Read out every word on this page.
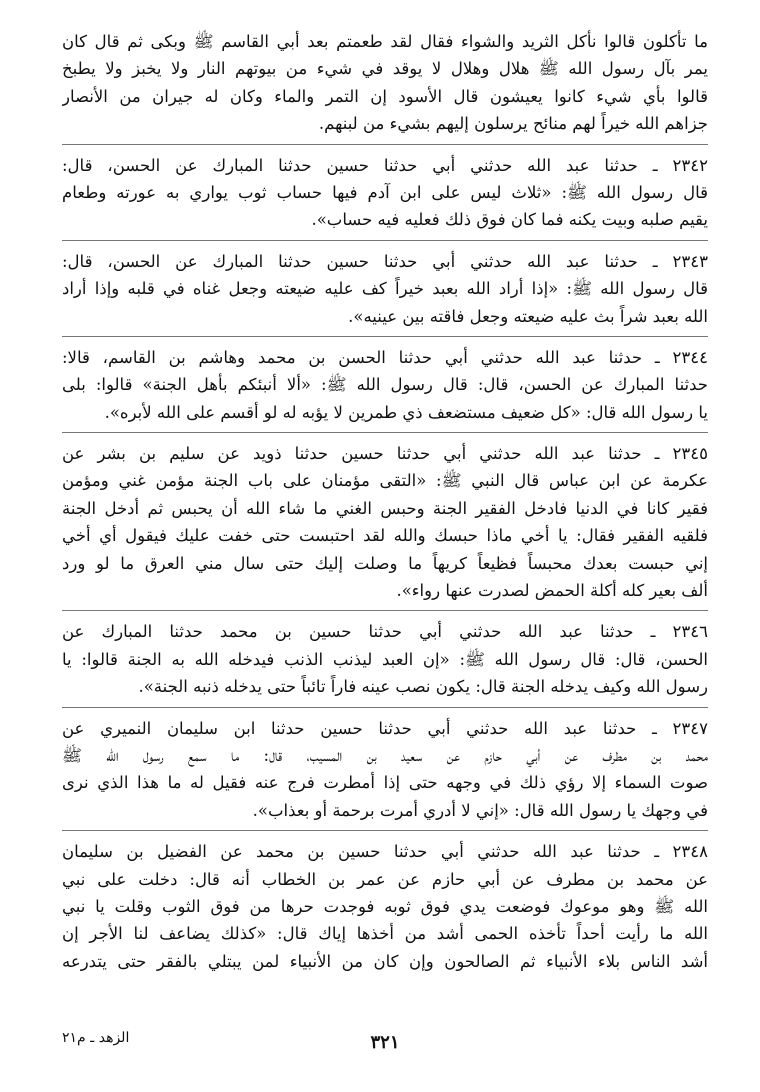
ما تأكلون قالوا نأكل الثريد والشواء فقال لقد طعمتم بعد أبي القاسم ﷺ وبكى ثم قال كان
يمر بآل رسول الله ﷺ هلال وهلال لا يوقد في شيء من بيوتهم النار ولا يخبز ولا يطبخ
قالوا بأي شيء كانوا يعيشون قال الأسود إن التمر والماء وكان له جيران من الأنصار
جزاهم الله خيراً لهم منائح يرسلون إليهم بشيء من لبنهم.
٢٣٤٢ ـ حدثنا عبد الله حدثني أبي حدثنا حسين حدثنا المبارك عن الحسن، قال:
قال رسول الله ﷺ: «ثلاث ليس على ابن آدم فيها حساب ثوب يواري به عورته وطعام
يقيم صلبه وبيت يكنه فما كان فوق ذلك فعليه فيه حساب».
٢٣٤٣ ـ حدثنا عبد الله حدثني أبي حدثنا حسين حدثنا المبارك عن الحسن، قال:
قال رسول الله ﷺ: «إذا أراد الله بعبد خيراً كف عليه ضيعته وجعل غناه في قلبه وإذا أراد
الله بعبد شراً بث عليه ضيعته وجعل فاقته بين عينيه».
٢٣٤٤ ـ حدثنا عبد الله حدثني أبي حدثنا الحسن بن محمد وهاشم بن القاسم، قالا:
حدثنا المبارك عن الحسن، قال: قال رسول الله ﷺ: «ألا أنبئكم بأهل الجنة» قالوا: بلى
يا رسول الله قال: «كل ضعيف مستضعف ذي طمرين لا يؤبه له لو أقسم على الله لأبره».
٢٣٤٥ ـ حدثنا عبد الله حدثني أبي حدثنا حسين حدثنا ذويد عن سليم بن بشر عن
عكرمة عن ابن عباس قال النبي ﷺ: «التقى مؤمنان على باب الجنة مؤمن غني ومؤمن
فقير كانا في الدنيا فادخل الفقير الجنة وحبس الغني ما شاء الله أن يحبس ثم أدخل الجنة
فلقيه الفقير فقال: يا أخي ماذا حبسك والله لقد احتبست حتى خفت عليك فيقول أي أخي
إني حبست بعدك محبساً فظيعاً كريهاً ما وصلت إليك حتى سال مني العرق ما لو ورد
ألف بعير كله أكلة الحمض لصدرت عنها رواء».
٢٣٤٦ ـ حدثنا عبد الله حدثني أبي حدثنا حسين بن محمد حدثنا المبارك عن
الحسن، قال: قال رسول الله ﷺ: «إن العبد ليذنب الذنب فيدخله الله به الجنة قالوا: يا
رسول الله وكيف يدخله الجنة قال: يكون نصب عينه فاراً تائباً حتى يدخله ذنبه الجنة».
٢٣٤٧ ـ حدثنا عبد الله حدثني أبي حدثنا حسين حدثنا ابن سليمان النميري عن
محمد بن مطرف عن أبي حازم عن سعيد بن المسيب، قال: ما سمع رسول الله ﷺ
صوت السماء إلا رؤي ذلك في وجهه حتى إذا أمطرت فرج عنه فقيل له ما هذا الذي نرى
في وجهك يا رسول الله قال: «إني لا أدري أمرت برحمة أو بعذاب».
٢٣٤٨ ـ حدثنا عبد الله حدثني أبي حدثنا حسين بن محمد عن الفضيل بن سليمان
عن محمد بن مطرف عن أبي حازم عن عمر بن الخطاب أنه قال: دخلت على نبي
الله ﷺ وهو موعوك فوضعت يدي فوق ثوبه فوجدت حرها من فوق الثوب وقلت يا نبي
الله ما رأيت أحداً تأخذه الحمى أشد من أخذها إياك قال: «كذلك يضاعف لنا الأجر إن
أشد الناس بلاء الأنبياء ثم الصالحون وإن كان من الأنبياء لمن يبتلي بالفقر حتى يتدرعه
٣٢١
الزهد ـ م٢١
